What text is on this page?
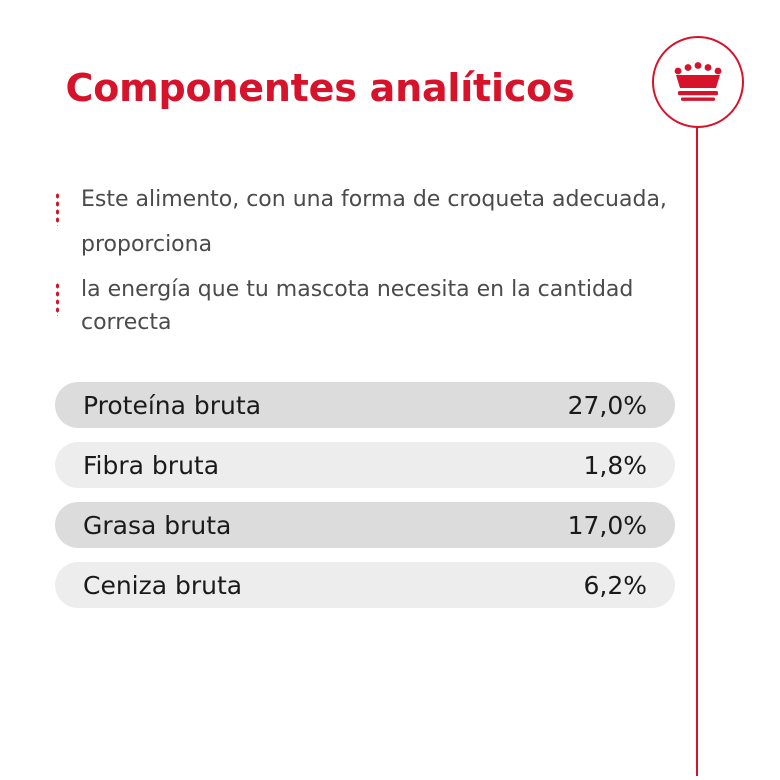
Componentes analíticos
Este alimento, con una forma de croqueta adecuada,
proporciona
la energía que tu mascota necesita en la cantidad correcta
Proteína bruta	27,0%
Fibra bruta	1,8%
Grasa bruta	17,0%
Ceniza bruta	6,2%
